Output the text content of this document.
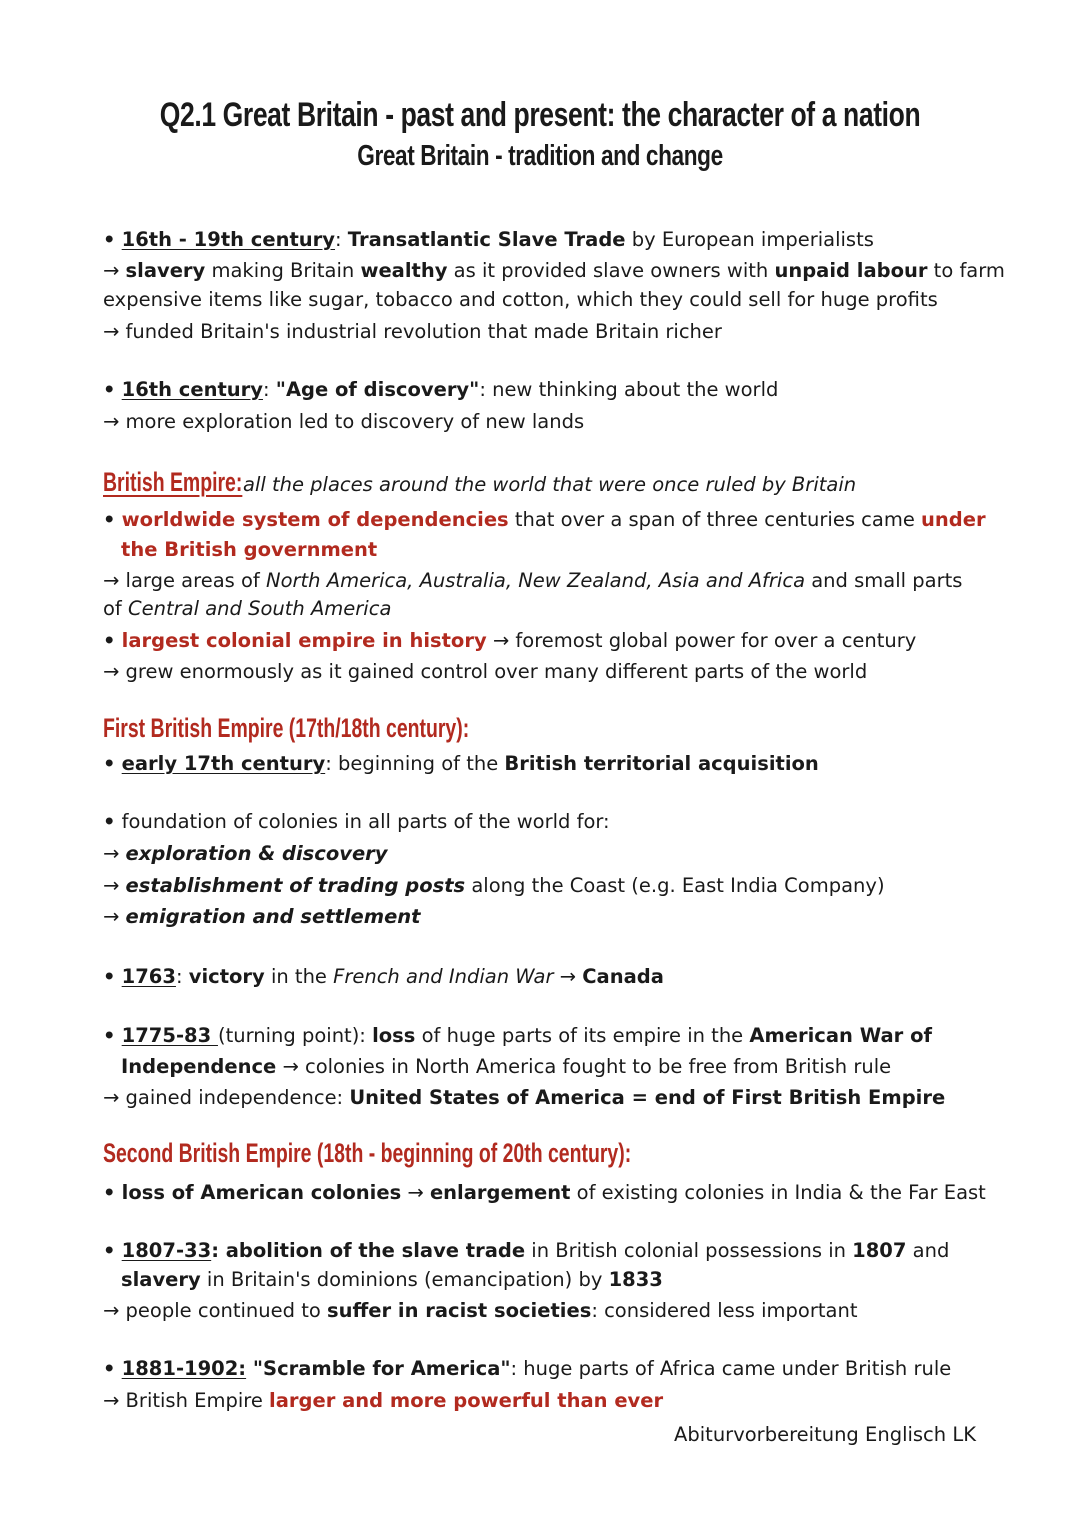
Q2.1 Great Britain - past and present: the character of a nation
Great Britain - tradition and change
• 16th - 19th century: Transatlantic Slave Trade by European imperialists
→ slavery making Britain wealthy as it provided slave owners with unpaid labour to farm
expensive items like sugar, tobacco and cotton, which they could sell for huge profits
→ funded Britain's industrial revolution that made Britain richer
• 16th century: "Age of discovery": new thinking about the world
→ more exploration led to discovery of new lands
British Empire: all the places around the world that were once ruled by Britain
• worldwide system of dependencies that over a span of three centuries came under
the British government
→ large areas of North America, Australia, New Zealand, Asia and Africa and small parts
of Central and South America
• largest colonial empire in history → foremost global power for over a century
→ grew enormously as it gained control over many different parts of the world
First British Empire (17th/18th century):
• early 17th century: beginning of the British territorial acquisition
• foundation of colonies in all parts of the world for:
→ exploration & discovery
→ establishment of trading posts along the Coast (e.g. East India Company)
→ emigration and settlement
• 1763: victory in the French and Indian War → Canada
• 1775-83 (turning point): loss of huge parts of its empire in the American War of
Independence → colonies in North America fought to be free from British rule
→ gained independence: United States of America = end of First British Empire
Second British Empire (18th - beginning of 20th century):
• loss of American colonies → enlargement of existing colonies in India & the Far East
• 1807-33: abolition of the slave trade in British colonial possessions in 1807 and
slavery in Britain's dominions (emancipation) by 1833
→ people continued to suffer in racist societies: considered less important
• 1881-1902: "Scramble for America": huge parts of Africa came under British rule
→ British Empire larger and more powerful than ever
Abiturvorbereitung Englisch LK
